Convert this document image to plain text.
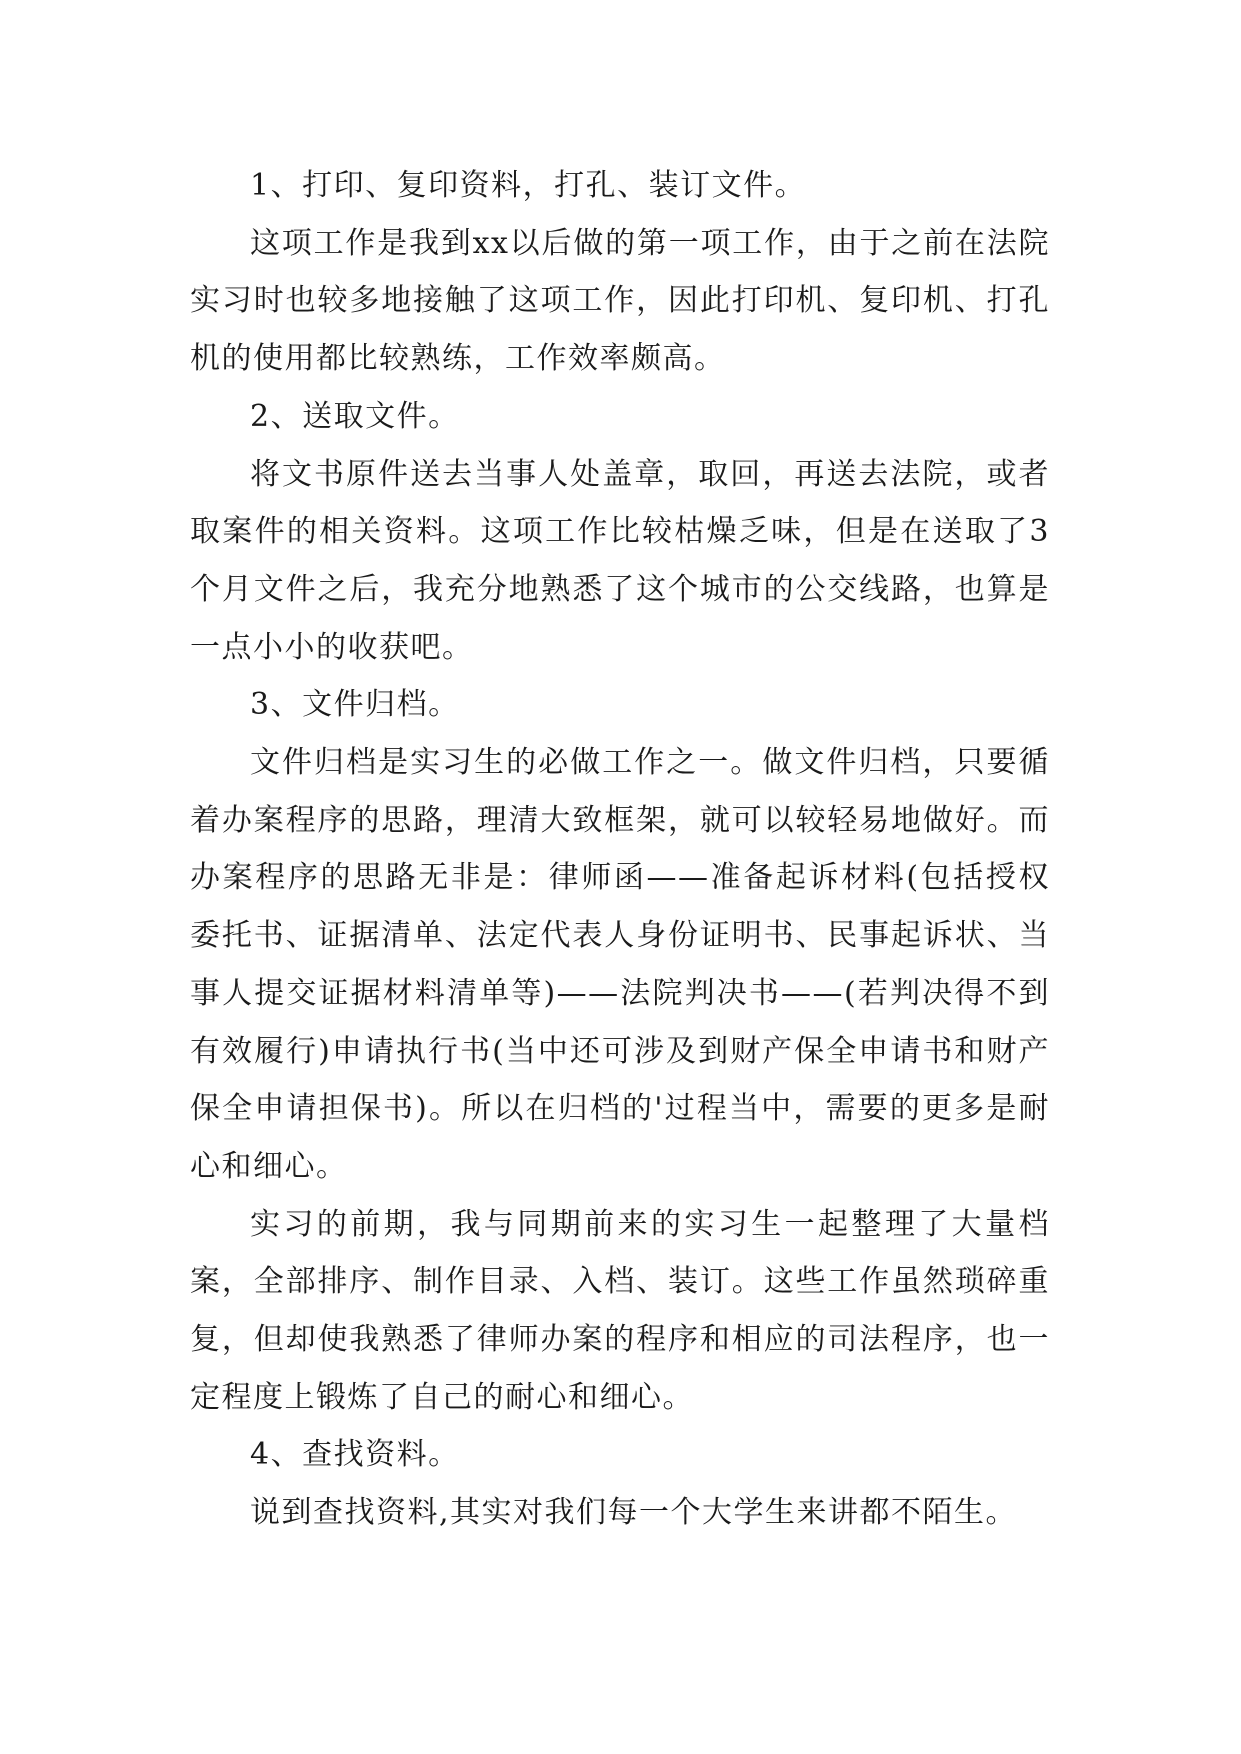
1、打印、复印资料，打孔、装订文件。

这项工作是我到xx以后做的第一项工作，由于之前在法院实习时也较多地接触了这项工作，因此打印机、复印机、打孔机的使用都比较熟练，工作效率颇高。

2、送取文件。

将文书原件送去当事人处盖章，取回，再送去法院，或者取案件的相关资料。这项工作比较枯燥乏味，但是在送取了3个月文件之后，我充分地熟悉了这个城市的公交线路，也算是一点小小的收获吧。

3、文件归档。

文件归档是实习生的必做工作之一。做文件归档，只要循着办案程序的思路，理清大致框架，就可以较轻易地做好。而办案程序的思路无非是：律师函——准备起诉材料(包括授权委托书、证据清单、法定代表人身份证明书、民事起诉状、当事人提交证据材料清单等)——法院判决书——(若判决得不到有效履行)申请执行书(当中还可涉及到财产保全申请书和财产保全申请担保书)。所以在归档的'过程当中，需要的更多是耐心和细心。

实习的前期，我与同期前来的实习生一起整理了大量档案，全部排序、制作目录、入档、装订。这些工作虽然琐碎重复，但却使我熟悉了律师办案的程序和相应的司法程序，也一定程度上锻炼了自己的耐心和细心。

4、查找资料。

说到查找资料,其实对我们每一个大学生来讲都不陌生。
